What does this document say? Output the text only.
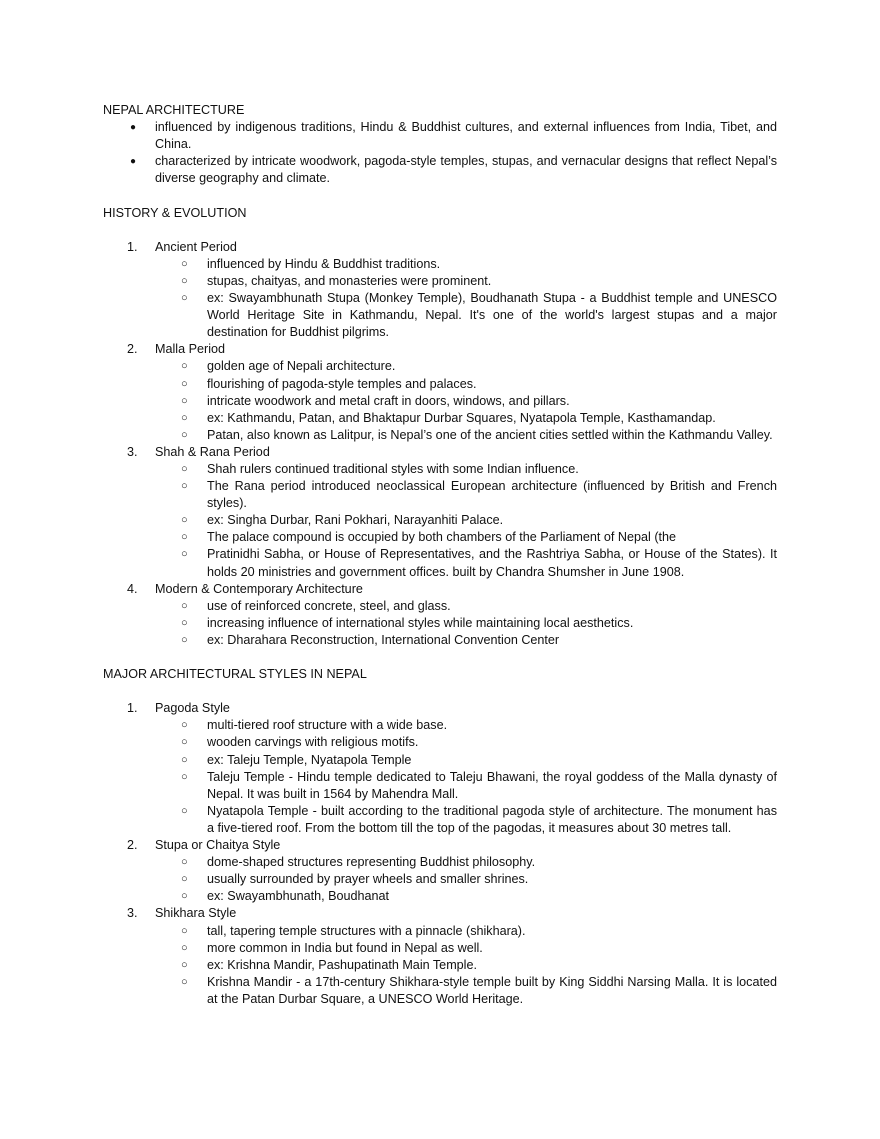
NEPAL ARCHITECTURE

● influenced by indigenous traditions, Hindu & Buddhist cultures, and external influences from India, Tibet, and China.
● characterized by intricate woodwork, pagoda-style temples, stupas, and vernacular designs that reflect Nepal’s diverse geography and climate.

HISTORY & EVOLUTION

1.	Ancient Period
○ influenced by Hindu & Buddhist traditions.
○ stupas, chaityas, and monasteries were prominent.
○ ex: Swayambhunath Stupa (Monkey Temple), Boudhanath Stupa - a Buddhist temple and UNESCO World Heritage Site in Kathmandu, Nepal. It's one of the world's largest stupas and a major destination for Buddhist pilgrims.
2.	Malla Period
○ golden age of Nepali architecture.
○ flourishing of pagoda-style temples and palaces.
○ intricate woodwork and metal craft in doors, windows, and pillars.
○ ex: Kathmandu, Patan, and Bhaktapur Durbar Squares, Nyatapola Temple, Kasthamandap.
○ Patan, also known as Lalitpur, is Nepal’s one of the ancient cities settled within the Kathmandu Valley.
3.	Shah & Rana Period
○ Shah rulers continued traditional styles with some Indian influence.
○ The Rana period introduced neoclassical European architecture (influenced by British and French styles).
○ ex: Singha Durbar, Rani Pokhari, Narayanhiti Palace.
○ The palace compound is occupied by both chambers of the Parliament of Nepal (the
○ Pratinidhi Sabha, or House of Representatives, and the Rashtriya Sabha, or House of the States). It holds 20 ministries and government offices. built by Chandra Shumsher in June 1908.
4.	Modern & Contemporary Architecture
○ use of reinforced concrete, steel, and glass.
○ increasing influence of international styles while maintaining local aesthetics.
○ ex: Dharahara Reconstruction, International Convention Center

MAJOR ARCHITECTURAL STYLES IN NEPAL

1.	Pagoda Style
○ multi-tiered roof structure with a wide base.
○ wooden carvings with religious motifs.
○ ex: Taleju Temple, Nyatapola Temple
○ Taleju Temple - Hindu temple dedicated to Taleju Bhawani, the royal goddess of the Malla dynasty of Nepal. It was built in 1564 by Mahendra Mall.
○ Nyatapola Temple - built according to the traditional pagoda style of architecture. The monument has a five-tiered roof. From the bottom till the top of the pagodas, it measures about 30 metres tall.
2.	Stupa or Chaitya Style
○ dome-shaped structures representing Buddhist philosophy.
○ usually surrounded by prayer wheels and smaller shrines.
○ ex: Swayambhunath, Boudhanat
3.	Shikhara Style
○ tall, tapering temple structures with a pinnacle (shikhara).
○ more common in India but found in Nepal as well.
○ ex: Krishna Mandir, Pashupatinath Main Temple.
○ Krishna Mandir - a 17th-century Shikhara-style temple built by King Siddhi Narsing Malla. It is located at the Patan Durbar Square, a UNESCO World Heritage.
